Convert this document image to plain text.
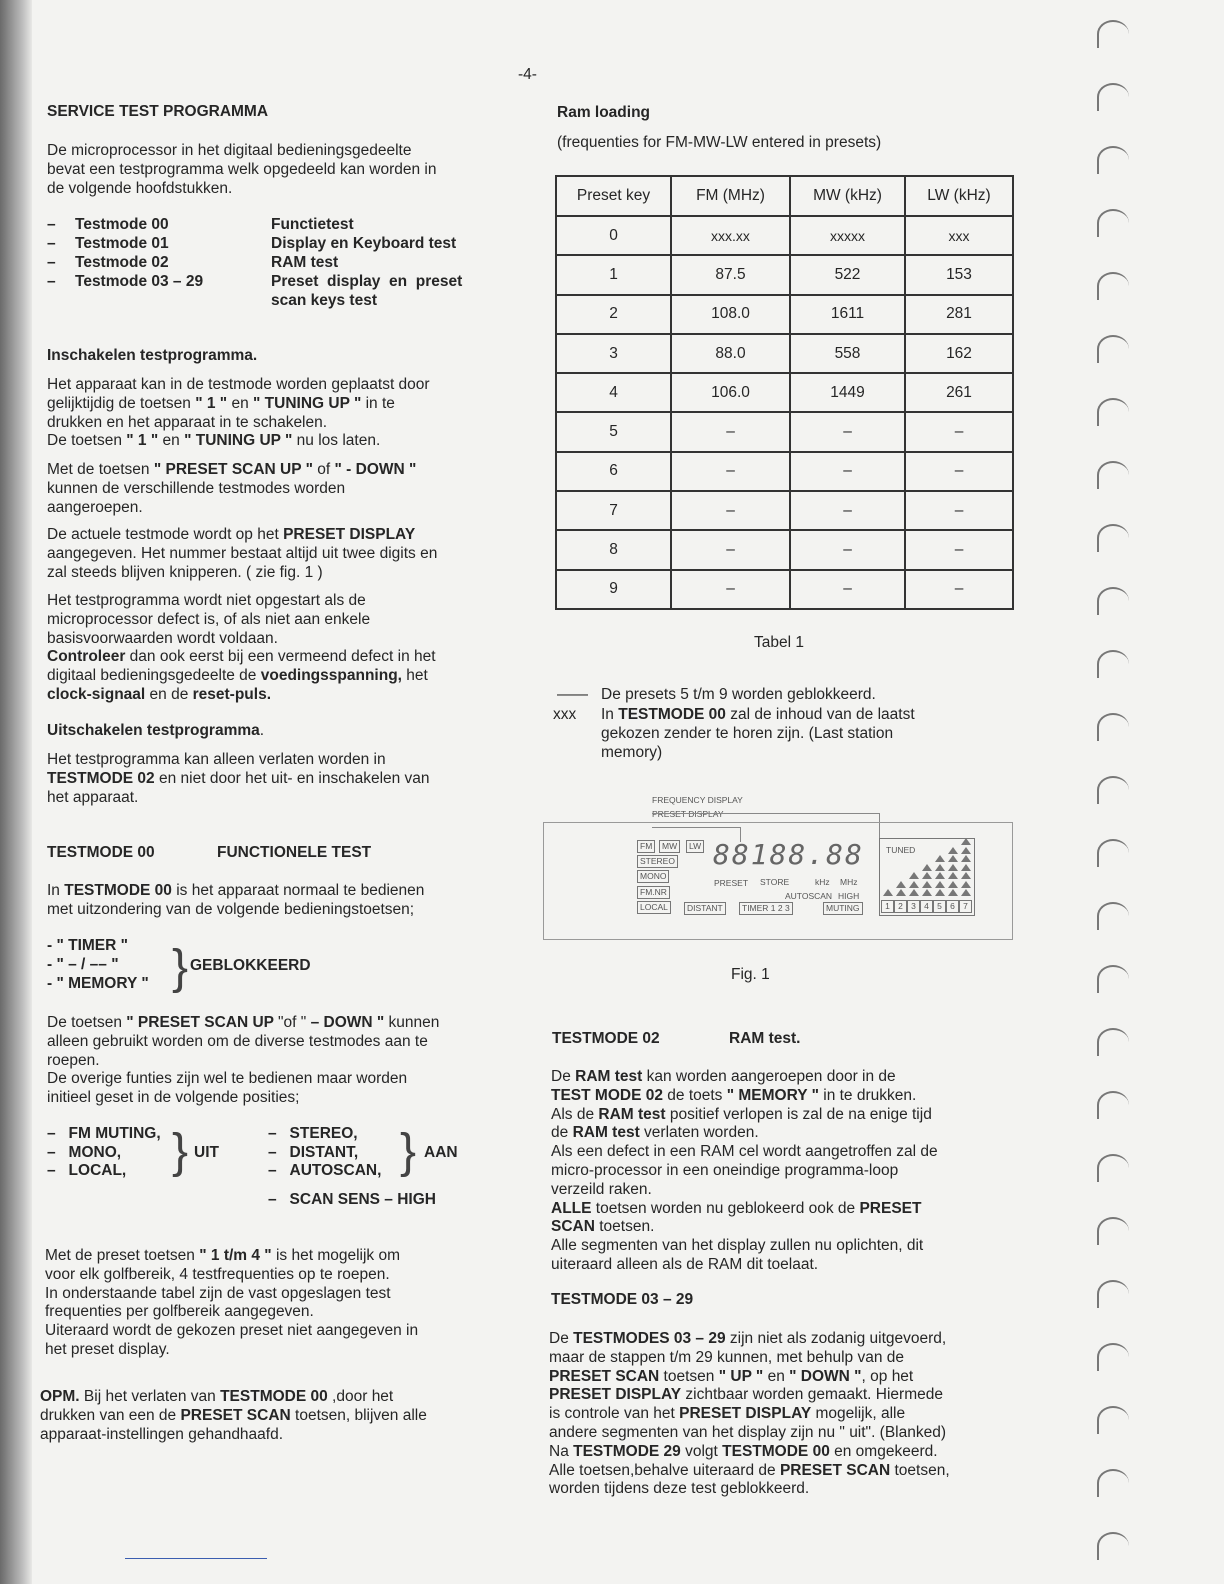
-4-
SERVICE TEST PROGRAMMA
De microprocessor in het digitaal bedieningsgedeelte
bevat een testprogramma welk opgedeeld kan worden in
de volgende hoofdstukken.
– Testmode 00	Functietest
– Testmode 01	Display en Keyboard test
– Testmode 02	RAM test
– Testmode 03 – 29	Preset  display  en  preset
scan keys test
Inschakelen testprogramma.
Het apparaat kan in de testmode worden geplaatst door
gelijktijdig de toetsen " 1 " en " TUNING UP " in te
drukken en het apparaat in te schakelen.
De toetsen " 1 " en " TUNING UP " nu los laten.
Met de toetsen " PRESET SCAN UP " of " - DOWN "
kunnen de verschillende testmodes worden
aangeroepen.
De actuele testmode wordt op het PRESET DISPLAY
aangegeven. Het nummer bestaat altijd uit twee digits en
zal steeds blijven knipperen. ( zie fig. 1 )
Het testprogramma wordt niet opgestart als de
microprocessor defect is, of als niet aan enkele
basisvoorwaarden wordt voldaan.
Controleer dan ook eerst bij een vermeend defect in het
digitaal bedieningsgedeelte de voedingsspanning, het
clock-signaal en de reset-puls.
Uitschakelen testprogramma.
Het testprogramma kan alleen verlaten worden in
TESTMODE 02 en niet door het uit- en inschakelen van
het apparaat.
TESTMODE 00	FUNCTIONELE TEST
In TESTMODE 00 is het apparaat normaal te bedienen
met uitzondering van de volgende bedieningstoetsen;
- " TIMER "
- " – / –– "
- " MEMORY " } GEBLOKKEERD
De toetsen " PRESET SCAN UP "of " – DOWN " kunnen
alleen gebruikt worden om de diverse testmodes aan te
roepen.
De overige funties zijn wel te bedienen maar worden
initieel geset in de volgende posities;
–   FM MUTING,
–   MONO,
–   LOCAL, } UIT
–   STEREO,
–   DISTANT,
–   AUTOSCAN,
–   SCAN SENS – HIGH
} AAN
Met de preset toetsen " 1 t/m 4 " is het mogelijk om
voor elk golfbereik, 4 testfrequenties op te roepen.
In onderstaande tabel zijn de vast opgeslagen test
frequenties per golfbereik aangegeven.
Uiteraard wordt de gekozen preset niet aangegeven in
het preset display.
OPM. Bij het verlaten van TESTMODE 00 ,door het
drukken van een de PRESET SCAN toetsen, blijven alle
apparaat-instellingen gehandhaafd.
Ram loading
(frequenties for FM-MW-LW entered in presets)
Preset key	FM (MHz)	MW (kHz)	LW (kHz)
0	xxx.xx	xxxxx	xxx
1	87.5	522	153
2	108.0	1611	281
3	88.0	558	162
4	106.0	1449	261
5	–	–	–
6	–	–	–
7	–	–	–
8	–	–	–
9	–	–	–
Tabel 1
—— De presets 5 t/m 9 worden geblokkeerd.
xxx In TESTMODE 00 zal de inhoud van de laatst
gekozen zender te horen zijn. (Last station
memory)
FREQUENCY DISPLAY
PRESET DISPLAY
FM	MW	LW
STEREO
MONO
FM.NR
LOCAL
88188.88
PRESET STORE	kHz MHz
AUTOSCAN HIGH
DISTANT	TIMER 1 2 3	MUTING
TUNED
1 2 3 4 5 6 7
Fig. 1
TESTMODE 02	RAM test.
De RAM test kan worden aangeroepen door in de
TEST MODE 02 de toets " MEMORY " in te drukken.
Als de RAM test positief verlopen is zal de na enige tijd
de RAM test verlaten worden.
Als een defect in een RAM cel wordt aangetroffen zal de
micro-processor in een oneindige programma-loop
verzeild raken.
ALLE toetsen worden nu geblokeerd ook de PRESET
SCAN toetsen.
Alle segmenten van het display zullen nu oplichten, dit
uiteraard alleen als de RAM dit toelaat.
TESTMODE 03 – 29
De TESTMODES 03 – 29 zijn niet als zodanig uitgevoerd,
maar de stappen t/m 29 kunnen, met behulp van de
PRESET SCAN toetsen " UP " en " DOWN ", op het
PRESET DISPLAY zichtbaar worden gemaakt. Hiermede
is controle van het PRESET DISPLAY mogelijk, alle
andere segmenten van het display zijn nu " uit". (Blanked)
Na TESTMODE 29 volgt TESTMODE 00 en omgekeerd.
Alle toetsen,behalve uiteraard de PRESET SCAN toetsen,
worden tijdens deze test geblokkeerd.
